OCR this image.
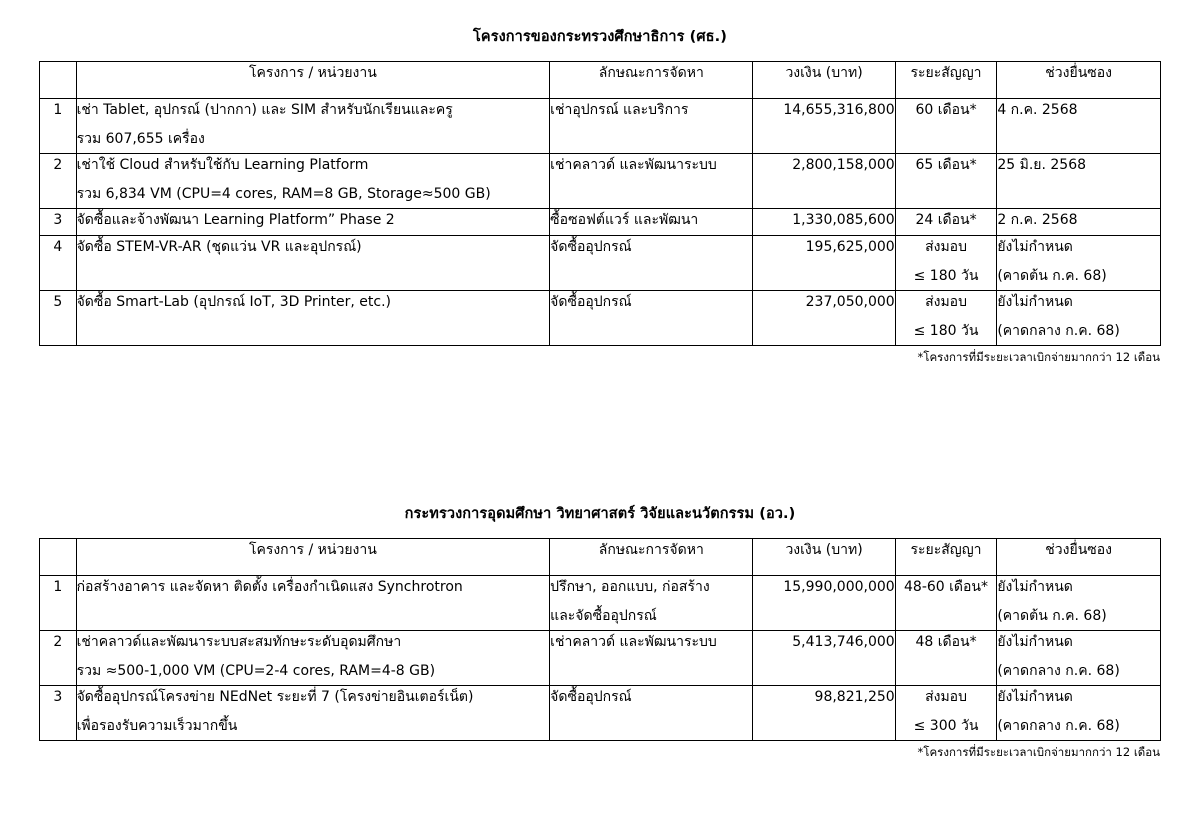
โครงการของกระทรวงศึกษาธิการ (ศธ.)
	โครงการ / หน่วยงาน	ลักษณะการจัดหา	วงเงิน (บาท)	ระยะสัญญา	ช่วงยื่นซอง
1	เช่า Tablet, อุปกรณ์ (ปากกา) และ SIM สำหรับนักเรียนและครู
รวม 607,655 เครื่อง	เช่าอุปกรณ์ และบริการ	14,655,316,800	60 เดือน*	4 ก.ค. 2568

2	เช่าใช้ Cloud สำหรับใช้กับ Learning Platform
รวม 6,834 VM (CPU=4 cores, RAM=8 GB, Storage≈500 GB)	เช่าคลาวด์ และพัฒนาระบบ	2,800,158,000	65 เดือน*	25 มิ.ย. 2568

3	จัดซื้อและจ้างพัฒนา Learning Platform” Phase 2	ซื้อซอฟต์แวร์ และพัฒนา	1,330,085,600	24 เดือน*	2 ก.ค. 2568

4	จัดซื้อ STEM-VR-AR (ชุดแว่น VR และอุปกรณ์)	จัดซื้ออุปกรณ์	195,625,000	ส่งมอบ
≤ 180 วัน	ยังไม่กำหนด
(คาดต้น ก.ค. 68)

5	จัดซื้อ Smart-Lab (อุปกรณ์ IoT, 3D Printer, etc.)	จัดซื้ออุปกรณ์	237,050,000	ส่งมอบ
≤ 180 วัน	ยังไม่กำหนด
(คาดกลาง ก.ค. 68)
*โครงการที่มีระยะเวลาเบิกจ่ายมากกว่า 12 เดือน
กระทรวงการอุดมศึกษา วิทยาศาสตร์ วิจัยและนวัตกรรม (อว.)
	โครงการ / หน่วยงาน	ลักษณะการจัดหา	วงเงิน (บาท)	ระยะสัญญา	ช่วงยื่นซอง
1	ก่อสร้างอาคาร และจัดหา ติดตั้ง เครื่องกำเนิดแสง Synchrotron	ปรึกษา, ออกแบบ, ก่อสร้าง
และจัดซื้ออุปกรณ์	15,990,000,000	48-60 เดือน*	ยังไม่กำหนด
(คาดต้น ก.ค. 68)

2	เช่าคลาวด์และพัฒนาระบบสะสมทักษะระดับอุดมศึกษา
รวม ≈500-1,000 VM (CPU=2-4 cores, RAM=4-8 GB)	เช่าคลาวด์ และพัฒนาระบบ	5,413,746,000	48 เดือน*	ยังไม่กำหนด
(คาดกลาง ก.ค. 68)

3	จัดซื้ออุปกรณ์โครงข่าย NEdNet ระยะที่ 7 (โครงข่ายอินเตอร์เน็ต)
เพื่อรองรับความเร็วมากขึ้น	จัดซื้ออุปกรณ์	98,821,250	ส่งมอบ
≤ 300 วัน	ยังไม่กำหนด
(คาดกลาง ก.ค. 68)
*โครงการที่มีระยะเวลาเบิกจ่ายมากกว่า 12 เดือน
